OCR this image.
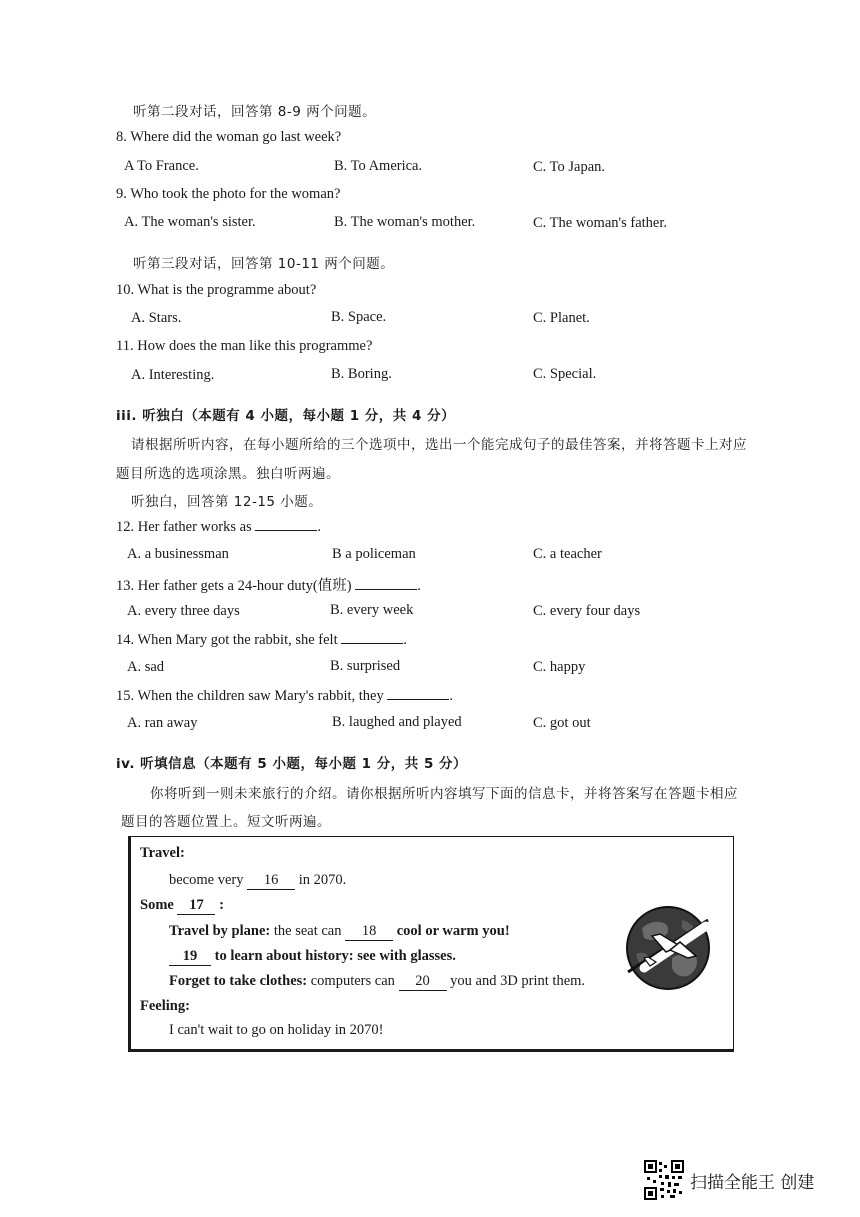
听第二段对话，回答第 8-9 两个问题。
8. Where did the woman go last week?
A To France.	B. To America.	C. To Japan.
9. Who took the photo for the woman?
A. The woman's sister.	B. The woman's mother.	C. The woman's father.
听第三段对话，回答第 10-11 两个问题。
10. What is the programme about?
A. Stars.	B. Space.	C. Planet.
11. How does the man like this programme?
A. Interesting.	B. Boring.	C. Special.
iii. 听独白（本题有 4 小题，每小题 1 分，共 4 分）
请根据所听内容，在每小题所给的三个选项中，选出一个能完成句子的最佳答案，并将答题卡上对应
题目所选的选项涂黑。独白听两遍。
听独白，回答第 12-15 小题。
12. Her father works as	.
A. a businessman	B a policeman	C. a teacher
13. Her father gets a 24-hour duty(值班)	.
A. every three days	B. every week	C. every four days
14. When Mary got the rabbit, she felt	.
A. sad	B. surprised	C. happy
15. When the children saw Mary's rabbit, they	.
A. ran away	B. laughed and played	C. got out
iv. 听填信息（本题有 5 小题，每小题 1 分，共 5 分）
你将听到一则未来旅行的介绍。请你根据所听内容填写下面的信息卡，并将答案写在答题卡相应
题目的答题位置上。短文听两遍。
Travel:
become very 16 in 2070.
Some 17 :
Travel by plane: the seat can 18 cool or warm you!
19 to learn about history: see with glasses.
Forget to take clothes: computers can 20 you and 3D print them.
Feeling:
I can't wait to go on holiday in 2070!
扫描全能王 创建
